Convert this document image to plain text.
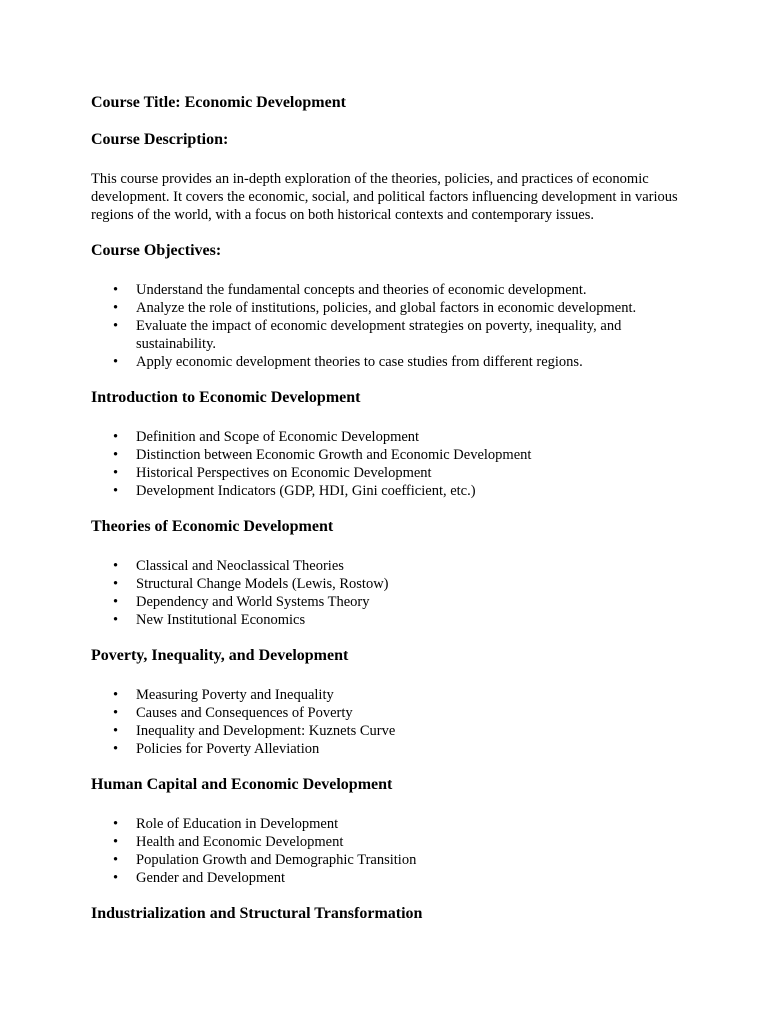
Course Title: Economic Development
Course Description:

This course provides an in-depth exploration of the theories, policies, and practices of economic development. It covers the economic, social, and political factors influencing development in various regions of the world, with a focus on both historical contexts and contemporary issues.

Course Objectives:
• Understand the fundamental concepts and theories of economic development.
• Analyze the role of institutions, policies, and global factors in economic development.
• Evaluate the impact of economic development strategies on poverty, inequality, and sustainability.
• Apply economic development theories to case studies from different regions.
Introduction to Economic Development
• Definition and Scope of Economic Development
• Distinction between Economic Growth and Economic Development
• Historical Perspectives on Economic Development
• Development Indicators (GDP, HDI, Gini coefficient, etc.)
Theories of Economic Development
• Classical and Neoclassical Theories
• Structural Change Models (Lewis, Rostow)
• Dependency and World Systems Theory
• New Institutional Economics
Poverty, Inequality, and Development
• Measuring Poverty and Inequality
• Causes and Consequences of Poverty
• Inequality and Development: Kuznets Curve
• Policies for Poverty Alleviation
Human Capital and Economic Development
• Role of Education in Development
• Health and Economic Development
• Population Growth and Demographic Transition
• Gender and Development
Industrialization and Structural Transformation
